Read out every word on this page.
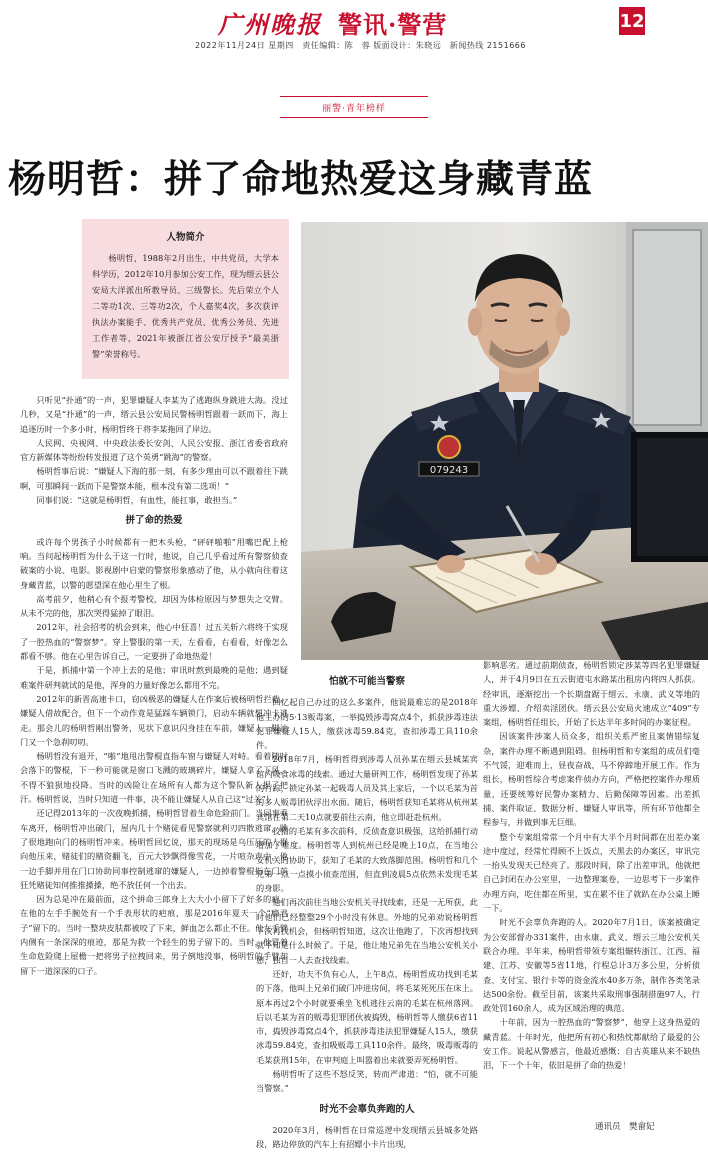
广州晚报 警讯·警营	12
2022年11月24日 星期四　责任编辑：陈　蓉 版面设计：朱晓远　新闻热线 2151666
丽警·青年榜样
杨明哲：拼了命地热爱这身藏青蓝
人物简介
杨明哲，1988年2月出生，中共党员，大学本科学历，2012年10月参加公安工作，现为缙云县公安局大洋派出所教导员、三级警长。先后荣立个人二等功1次、三等功2次，个人嘉奖4次，多次获评执法办案能手、优秀共产党员、优秀公务员、先进工作者等，2021年被浙江省公安厅授予“最美浙警”荣誉称号。
079243

只听见“扑通”的一声，犯罪嫌疑人李某为了逃跑纵身跳进大海。没过几秒，又是“扑通”的一声，缙云县公安局民警杨明哲跟着一跃而下，海上追逐历时一个多小时，杨明哲终于将李某拖回了岸边。

人民网、央视网、中央政法委长安剑、人民公安报、浙江省委省政府官方新媒体等纷纷转发报道了这个英勇“跳海”的警察。

杨明哲事后说：“嫌疑人下海的那一刻，有多少理由可以不跟着往下跳啊，可那瞬间一跃而下是警察本能，根本没有第二选项！”

同事们说：“这就是杨明哲，有血性，能扛事，敢担当。”

拼了命的热爱

或许每个男孩子小时候都有一把木头枪，“砰砰啪啪”用嘴巴配上枪响。当问起杨明哲为什么干这一行时，他说，自己几乎看过所有警察侦查破案的小说、电影。影视剧中启蒙的警察形象感动了他，从小就向往着这身藏青蓝，以警的愿望深在他心里生了根。

高考前夕，他稍心有个报考警校，却因为体检原因与梦想失之交臂。从未不完的他，那次哭得猛掉了眼泪。

2012年，社会招考的机会到来，他心中狂喜！过五关斩六将终于实现了一腔热血的“警察梦”。穿上警服的第一天，左看看，右看看，好像怎么都看不够。他在心里告诉自己，一定要拼了命地热爱！

于是，抓捕中第一个冲上去的是他；审讯时熬到最晚的是他；遇到疑难案件研判就试的是他，浑身的力量好像怎么都用不完。

2012年的新晋高速卡口，窃凶极恶的嫌疑人在作案后被杨明哲拦截。嫌疑人借故配合，但下一个动作竟是猛踩车辆锁门，启动车辆就想冲卡逃走。那会儿的杨明哲刚出警务，见状下意识闪身挂在车前，嫌疑人一脚油门又一个急刹叨叨。

杨明哲没有退开，“啪”地甩出警棍直指车窗与嫌疑人对峙。看着随时会落下的警棍，下一秒可能就是窗口飞溅的玻璃碎片，嫌疑人拿了下风，不得不狼狈地投降。当时的凶险让在场所有人都为这个警队新人捏了把汗。杨明哲说，当时只知道一件事，决不能让嫌疑人从自己这“过关”！

还记得2013年的一次夜晚抓捕，杨明哲冒着生命危险前门。当同事乘车离开，杨明哲冲出破门，屋内几十个赌徒看见警察就利刃四散逃窜，跳了很地跑向门的杨明哲冲来。杨明哲回忆说，那天的现场是乌压压的人群向他压来，赌徒们的赌资翻飞，百元大钞飘得像雪花，一片喧杂声中，他一边手脚并用在门口协助同事控制逃窜的嫌疑人，一边掉着警棍指在门前狂凭赌徒知何推推搡搡，绝不放任何一个出去。

因为总是冲在最前面，这个拼命三郎身上大大小小留下了好多的疤。在他的左手手腕处有一个手表形状的疤痕，那是2016年夏天一个“瘾君子”留下的。当时一整块皮肤都被咬了下来，鲜血怎么都止不住。他左手臂内侧有一条深深的痕迹，那是为救一个轻生的男子留下的。当时，他冒着生命危险爬上屋檐一把将男子拉拽回来，男子倒地没事，杨明哲的手臂却留下一道深深的口子。

怕就不可能当警察

回忆起自己办过的这么多案件，他说最难忘的是2018年他主办的5·13贩毒案，一举捣毁涉毒窝点4个，抓获涉毒违法犯罪嫌疑人15人，缴获冰毒59.84克，查扣涉毒工具110余件。

2018年7月，杨明哲得到涉毒人员孙某在缙云县城某宾馆内吸食冰毒的线索。通过大量研判工作，杨明哲发现了孙某的行踪，锁定孙某一起吸毒人员及其上家后，一个以毛某为首的多人贩毒团伙浮出水面。随后，杨明哲获知毛某将从杭州某宾馆在第二天10点就要前往云南，他立即赶赴杭州。

狡猾的毛某有多次前科，反侦查意识极强，这给抓捕行动增加了难度。杨明哲等人到杭州已经是晚上10点，在当地公安机关的协助下，获知了毛某的大致落脚范围。杨明哲和几个兄弟一点一点摸小侦查范围，但直到凌晨5点依然未发现毛某的身影。

他们再次前往当地公安机关寻找线索，还是一无所获，此时他们已经整整29个小时没有休息。外地的兄弟劝说杨明哲下次再找机会，但杨明哲知道，这次让他跑了，下次再想找到就不知是什么时候了。于是，他让地兄弟先在当地公安机关小憩，独自一人去查找线索。

还好，功夫不负有心人，上午8点，杨明哲成功找到毛某的下落，他叫上兄弟们破门冲进房间，将毛某死死压在床上。原本再过2个小时就要乘坐飞机逃往云南的毛某在杭州落网。后以毛某为首的贩毒犯罪团伙被捣毁，杨明哲等人缴获6省11市，捣毁涉毒窝点4个，抓获涉毒违法犯罪嫌疑人15人，缴获冰毒59.84克，查扣吸贩毒工具110余件。最终，吸毒贩毒的毛某获刑15年，在审判庭上叫嚣着出来就要弄死杨明哲。

杨明哲听了这些不怒反笑，转而严肃道：“怕，就不可能当警察。”

时光不会辜负奔跑的人

2020年3月，杨明哲在日常巡逻中发现缙云县城多处路段，路边停放的汽车上有招嫖小卡片出现，

影响恶劣。通过前期侦查，杨明哲锁定涉某等四名犯罪嫌疑人，并于4月9日在五云街道屯水路某出租房内将四人抓获。经审讯，逐渐挖出一个长期盘踞于缙云、永康、武义等地的重大涉嫖、介绍卖淫团伙。缙云县公安局火速成立“409”专案组，杨明哲任组长，开始了长达半年多时间的办案征程。

因该案件涉案人员众多，组织关系严密且案情错综复杂，案件办理不断遇到阻碍。但杨明哲和专案组的成员们毫不气馁，迎难而上，昼夜奋战，马不停蹄地开展工作。作为组长，杨明哲综合考虑案件侦办方向，严格把控案件办理质量，还要统筹好民警办案精力、后勤保障等因素。出差抓捕、案件取证、数据分析、嫌疑人审讯等，所有环节他都全程参与，并做到事无巨细。

整个专案组常常一个月中有大半个月时间都在出差办案途中度过，经常忙得顾不上饭点，天黑去的办案区，审讯完一抬头发现天已经亮了。那段时间，除了出差审讯，他就把自己封闭在办公室里，一边整理案卷，一边思考下一步案件办理方向，吃住都在所里，实在累不住了就趴在办公桌上睡一下。

时光不会辜负奔跑的人。2020年7月1日，该案被确定为公安部督办331案件，由永康、武义、缙云三地公安机关联合办理。半年来，杨明哲带领专案组辗转浙江、江西、福建、江苏、安徽等5省11地，行程总计3万多公里，分析侦查、支付宝、银行卡等的资金流水40多万条，制作各类笔录达500余份。截至目前，该案共采取刑事强制措施97人，行政处罚160余人，成为区域治理的典范。

十年前，因为一腔热血的“警察梦”，他穿上这身热爱的藏青蓝。十年时光，他把所有初心和热忱都献给了最爱的公安工作。说起从警感言，他最近感慨：自古英雄从来不缺热泪，下一个十年，依旧是拼了命的热爱！

通讯员　樊畲妃
